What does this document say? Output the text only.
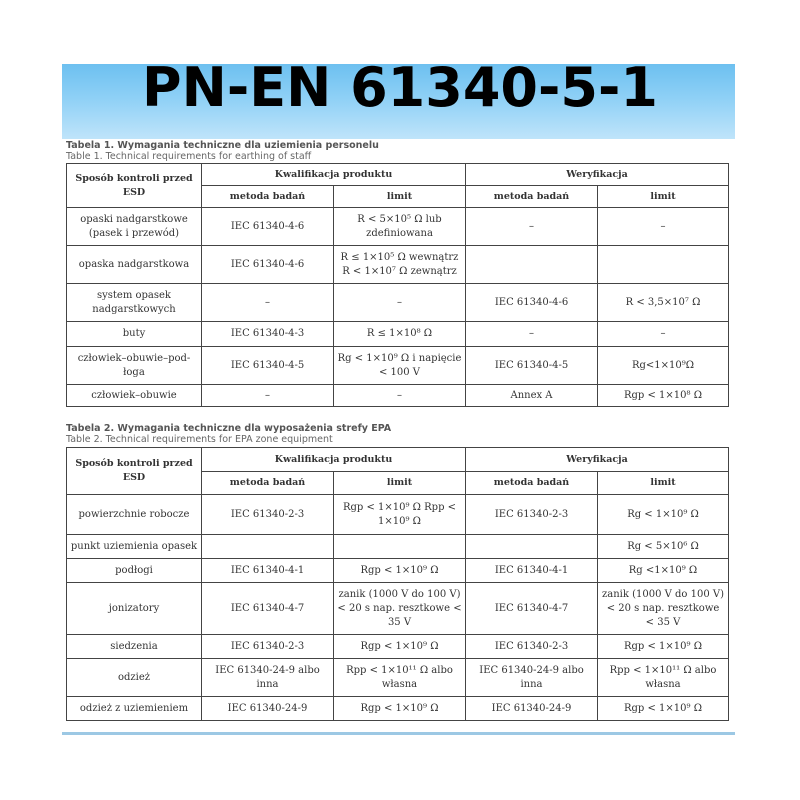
PN-EN 61340-5-1
Tabela 1. Wymagania techniczne dla uziemienia personelu
Table 1. Technical requirements for earthing of staff
Sposób kontroli przed ESD	Kwalifikacja produktu		Weryfikacja	
	metoda badań	limit	metoda badań	limit
opaski nadgarstkowe (pasek i przewód)	IEC 61340-4-6	R < 5×10⁵ Ω lub zdefiniowana	–	–
opaska nadgarstkowa	IEC 61340-4-6	R ≤ 1×10⁵ Ω wewnątrz R < 1×10⁷ Ω zewnątrz		
system opasek nadgarstkowych	–	–	IEC 61340-4-6	R < 3,5×10⁷ Ω
buty	IEC 61340-4-3	R ≤ 1×10⁸ Ω	–	–
człowiek–obuwie–pod-łoga	IEC 61340-4-5	Rg < 1×10⁹ Ω i napięcie < 100 V	IEC 61340-4-5	Rg<1×10⁹Ω
człowiek–obuwie	–	–	Annex A	Rgp < 1×10⁸ Ω
Tabela 2. Wymagania techniczne dla wyposażenia strefy EPA
Table 2. Technical requirements for EPA zone equipment
Sposób kontroli przed ESD	Kwalifikacja produktu		Weryfikacja	
	metoda badań	limit	metoda badań	limit
powierzchnie robocze	IEC 61340-2-3	Rgp < 1×10⁹ Ω Rpp < 1×10⁹ Ω	IEC 61340-2-3	Rg < 1×10⁹ Ω
punkt uziemienia opasek				Rg < 5×10⁶ Ω
podłogi	IEC 61340-4-1	Rgp < 1×10⁹ Ω	IEC 61340-4-1	Rg <1×10⁹ Ω
jonizatory	IEC 61340-4-7	zanik (1000 V do 100 V) < 20 s nap. resztkowe < 35 V	IEC 61340-4-7	zanik (1000 V do 100 V) < 20 s nap. resztkowe < 35 V
siedzenia	IEC 61340-2-3	Rgp < 1×10⁹ Ω	IEC 61340-2-3	Rgp < 1×10⁹ Ω
odzież	IEC 61340-24-9 albo inna	Rpp < 1×10¹¹ Ω albo własna	IEC 61340-24-9 albo inna	Rpp < 1×10¹¹ Ω albo własna
odzież z uziemieniem	IEC 61340-24-9	Rgp < 1×10⁹ Ω	IEC 61340-24-9	Rgp < 1×10⁹ Ω
